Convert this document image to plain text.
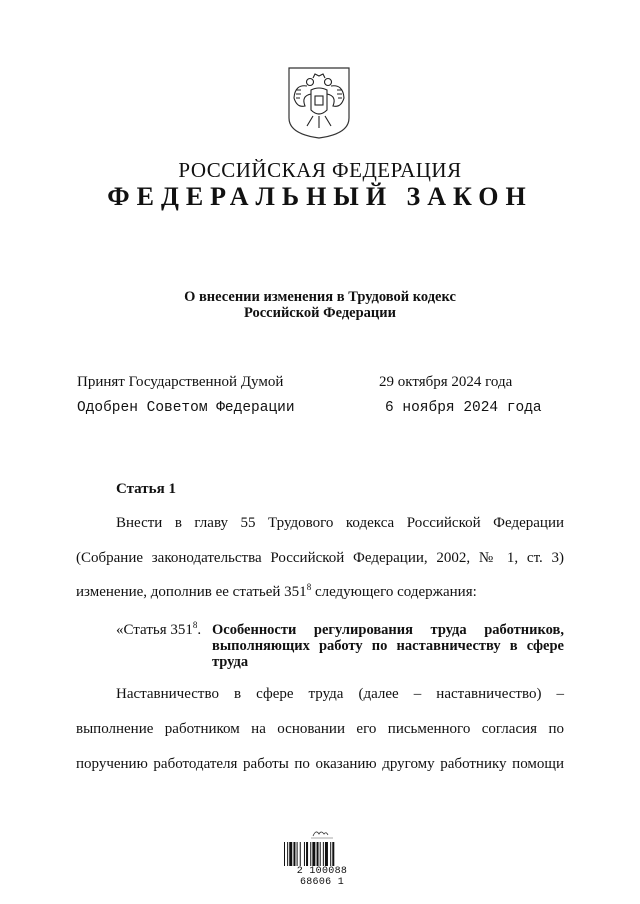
РОССИЙСКАЯ ФЕДЕРАЦИЯ
ФЕДЕРАЛЬНЫЙ ЗАКОН
О внесении изменения в Трудовой кодекс
Российской Федерации
Принят Государственной Думой	29 октября 2024 года
Одобрен Советом Федерации	6 ноября 2024 года
Статья 1
Внести в главу 55 Трудового кодекса Российской Федерации
(Собрание законодательства Российской Федерации, 2002, № 1, ст. 3)
изменение, дополнив ее статьей $351^8$ следующего содержания:
«Статья $351^8$. Особенности регулирования труда работников,
выполняющих работу по наставничеству в сфере
труда
Наставничество в сфере труда (далее – наставничество) –
выполнение работником на основании его письменного согласия по
поручению работодателя работы по оказанию другому работнику помощи
2 100088 68606 1
